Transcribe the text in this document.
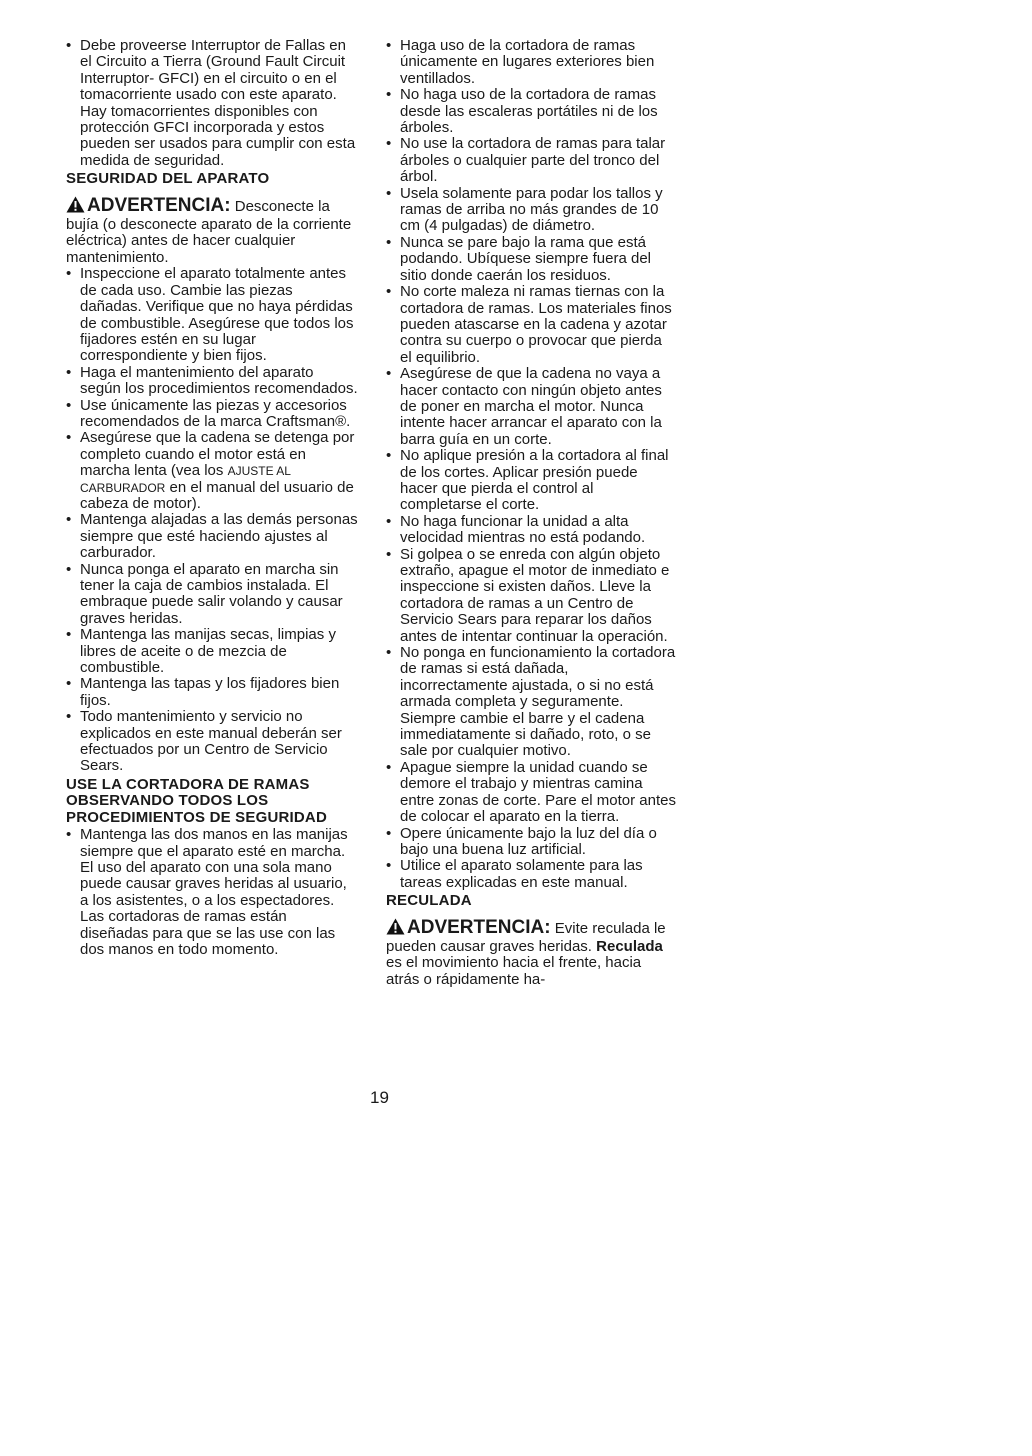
• Debe proveerse Interruptor de Fallas en el Circuito a Tierra (Ground Fault Circuit Interruptor- GFCI) en el circuito o en el tomacorriente usado con este aparato. Hay tomacorrientes disponibles con protección GFCI incorporada y estos pueden ser usados para cumplir con esta medida de seguridad.
SEGURIDAD DEL APARATO
ADVERTENCIA: Desconecte la bujía (o desconecte aparato de la corriente eléctrica) antes de hacer cualquier mantenimiento.
• Inspeccione el aparato totalmente antes de cada uso. Cambie las piezas dañadas. Verifique que no haya pérdidas de combustible. Asegúrese que todos los fijadores estén en su lugar correspondiente y bien fijos.
• Haga el mantenimiento del aparato según los procedimientos recomendados.
• Use únicamente las piezas y accesorios recomendados de la marca Craftsman®.
• Asegúrese que la cadena se detenga por completo cuando el motor está en marcha lenta (vea los AJUSTE AL CARBURADOR en el manual del usuario de cabeza de motor).
• Mantenga alajadas a las demás personas siempre que esté haciendo ajustes al carburador.
• Nunca ponga el aparato en marcha sin tener la caja de cambios instalada. El embraque puede salir volando y causar graves heridas.
• Mantenga las manijas secas, limpias y libres de aceite o de mezcia de combustible.
• Mantenga las tapas y los fijadores bien fijos.
• Todo mantenimiento y servicio no explicados en este manual deberán ser efectuados por un Centro de Servicio Sears.
USE LA CORTADORA DE RAMAS OBSERVANDO TODOS LOS PROCEDIMIENTOS DE SEGURIDAD
• Mantenga las dos manos en las manijas siempre que el aparato esté en marcha. El uso del aparato con una sola mano puede causar graves heridas al usuario, a los asistentes, o a los espectadores. Las cortadoras de ramas están diseñadas para que se las use con las dos manos en todo momento.
• Haga uso de la cortadora de ramas únicamente en lugares exteriores bien ventillados.
• No haga uso de la cortadora de ramas desde las escaleras portátiles ni de los árboles.
• No use la cortadora de ramas para talar árboles o cualquier parte del tronco del árbol.
• Usela solamente para podar los tallos y ramas de arriba no más grandes de 10 cm (4 pulgadas) de diámetro.
• Nunca se pare bajo la rama que está podando. Ubíquese siempre fuera del sitio donde caerán los residuos.
• No corte maleza ni ramas tiernas con la cortadora de ramas. Los materiales finos pueden atascarse en la cadena y azotar contra su cuerpo o provocar que pierda el equilibrio.
• Asegúrese de que la cadena no vaya a hacer contacto con ningún objeto antes de poner en marcha el motor. Nunca intente hacer arrancar el aparato con la barra guía en un corte.
• No aplique presión a la cortadora al final de los cortes. Aplicar presión puede hacer que pierda el control al completarse el corte.
• No haga funcionar la unidad a alta velocidad mientras no está podando.
• Si golpea o se enreda con algún objeto extraño, apague el motor de inmediato e inspeccione si existen daños. Lleve la cortadora de ramas a un Centro de Servicio Sears para reparar los daños antes de intentar continuar la operación.
• No ponga en funcionamiento la cortadora de ramas si está dañada, incorrectamente ajustada, o si no está armada completa y seguramente. Siempre cambie el barre y el cadena immediatamente si dañado, roto, o se sale por cualquier motivo.
• Apague siempre la unidad cuando se demore el trabajo y mientras camina entre zonas de corte. Pare el motor antes de colocar el aparato en la tierra.
• Opere únicamente bajo la luz del día o bajo una buena luz artificial.
• Utilice el aparato solamente para las tareas explicadas en este manual.
RECULADA
ADVERTENCIA: Evite reculada le pueden causar graves heridas. Reculada es el movimiento hacia el frente, hacia atrás o rápidamente ha-
19
